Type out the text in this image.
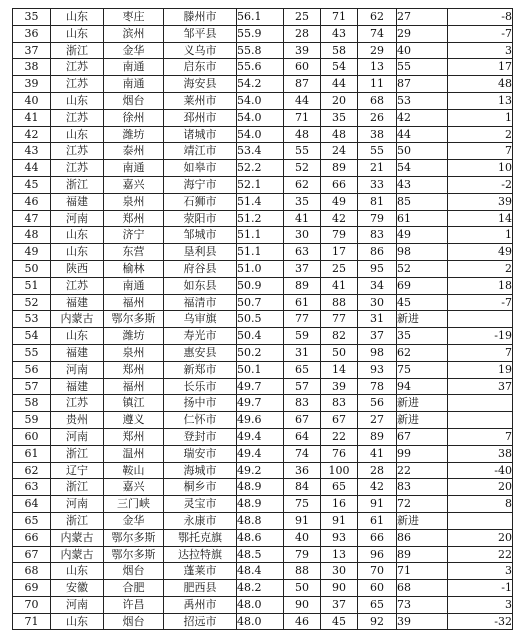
35	山东	枣庄	滕州市	56.1	25	71	62	27	-8
36	山东	滨州	邹平县	55.9	28	43	74	29	-7
37	浙江	金华	义乌市	55.8	39	58	29	40	3
38	江苏	南通	启东市	55.6	60	54	13	55	17
39	江苏	南通	海安县	54.2	87	44	11	87	48
40	山东	烟台	莱州市	54.0	44	20	68	53	13
41	江苏	徐州	邳州市	54.0	71	35	26	42	1
42	山东	潍坊	诸城市	54.0	48	48	38	44	2
43	江苏	泰州	靖江市	53.4	55	24	55	50	7
44	江苏	南通	如皋市	52.2	52	89	21	54	10
45	浙江	嘉兴	海宁市	52.1	62	66	33	43	-2
46	福建	泉州	石狮市	51.4	35	49	81	85	39
47	河南	郑州	荥阳市	51.2	41	42	79	61	14
48	山东	济宁	邹城市	51.1	30	79	83	49	1
49	山东	东营	垦利县	51.1	63	17	86	98	49
50	陕西	榆林	府谷县	51.0	37	25	95	52	2
51	江苏	南通	如东县	50.9	89	41	34	69	18
52	福建	福州	福清市	50.7	61	88	30	45	-7
53	内蒙古	鄂尔多斯	乌审旗	50.5	77	77	31	新进	
54	山东	潍坊	寿光市	50.4	59	82	37	35	-19
55	福建	泉州	惠安县	50.2	31	50	98	62	7
56	河南	郑州	新郑市	50.1	65	14	93	75	19
57	福建	福州	长乐市	49.7	57	39	78	94	37
58	江苏	镇江	扬中市	49.7	83	83	56	新进	
59	贵州	遵义	仁怀市	49.6	67	67	27	新进	
60	河南	郑州	登封市	49.4	64	22	89	67	7
61	浙江	温州	瑞安市	49.4	74	76	41	99	38
62	辽宁	鞍山	海城市	49.2	36	100	28	22	-40
63	浙江	嘉兴	桐乡市	48.9	84	65	42	83	20
64	河南	三门峡	灵宝市	48.9	75	16	91	72	8
65	浙江	金华	永康市	48.8	91	91	61	新进	
66	内蒙古	鄂尔多斯	鄂托克旗	48.6	40	93	66	86	20
67	内蒙古	鄂尔多斯	达拉特旗	48.5	79	13	96	89	22
68	山东	烟台	蓬莱市	48.4	88	30	70	71	3
69	安徽	合肥	肥西县	48.2	50	90	60	68	-1
70	河南	许昌	禹州市	48.0	90	37	65	73	3
71	山东	烟台	招远市	48.0	46	45	92	39	-32
